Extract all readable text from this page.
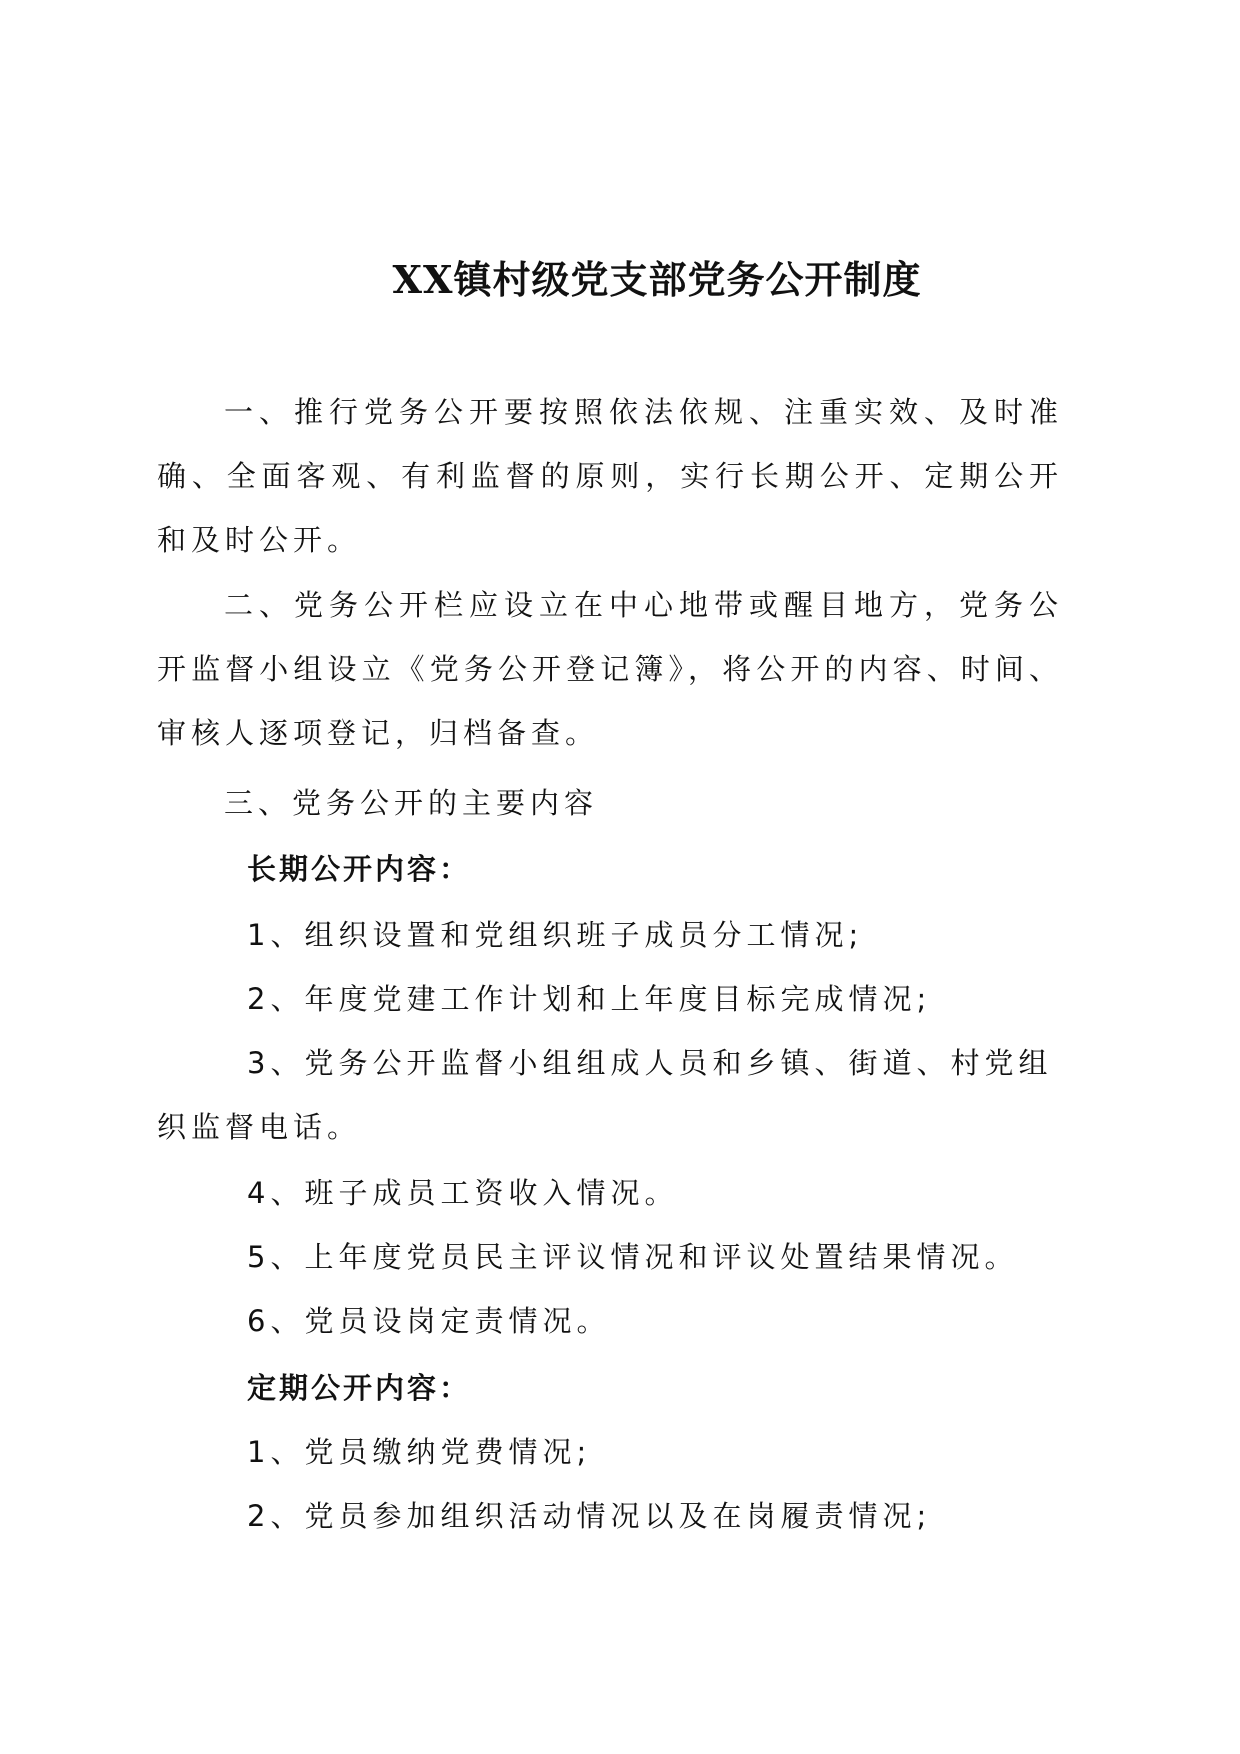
XX镇村级党支部党务公开制度

一、推行党务公开要按照依法依规、注重实效、及时准确、全面客观、有利监督的原则，实行长期公开、定期公开和及时公开。

二、党务公开栏应设立在中心地带或醒目地方，党务公开监督小组设立《党务公开登记簿》，将公开的内容、时间、审核人逐项登记，归档备查。

三、党务公开的主要内容

长期公开内容：

1、组织设置和党组织班子成员分工情况;

2、年度党建工作计划和上年度目标完成情况;

3、党务公开监督小组组成人员和乡镇、街道、村党组织监督电话。

4、班子成员工资收入情况。

5、上年度党员民主评议情况和评议处置结果情况。

6、党员设岗定责情况。

定期公开内容：

1、党员缴纳党费情况;

2、党员参加组织活动情况以及在岗履责情况;
